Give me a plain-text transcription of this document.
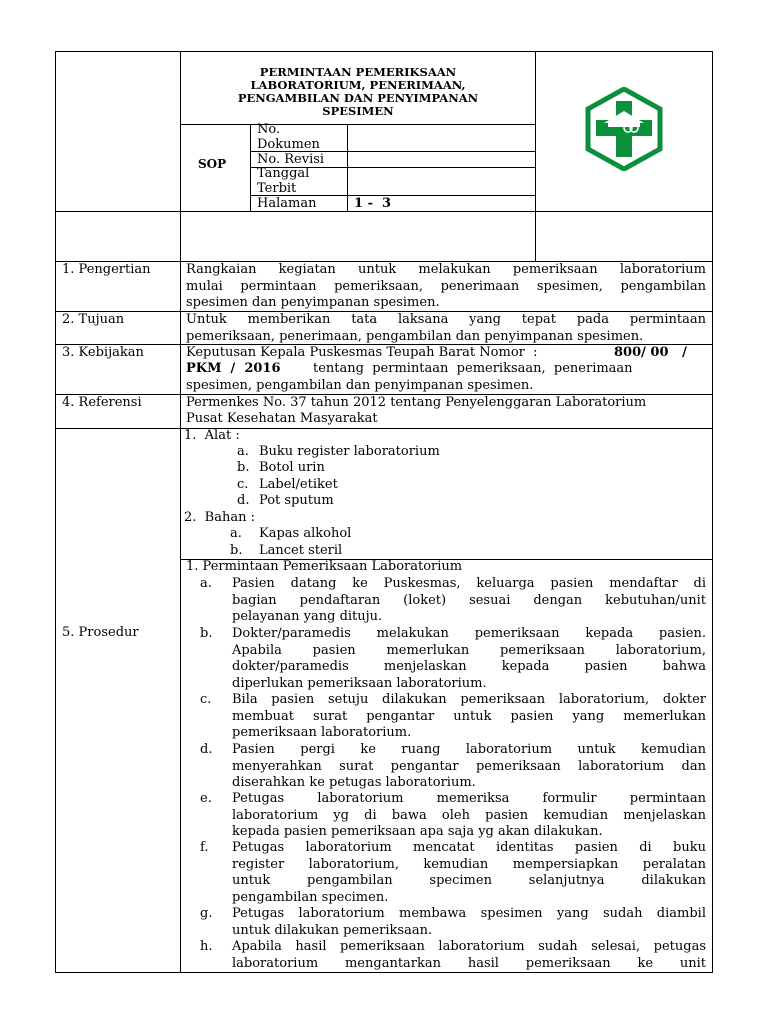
PERMINTAAN PEMERIKSAAN
LABORATORIUM, PENERIMAAN,
PENGAMBILAN DAN PENYIMPANAN
SPESIMEN
SOP
No.
Dokumen
No. Revisi
Tanggal
Terbit
Halaman	1 -  3
1. Pengertian	Rangkaian kegiatan untuk melakukan pemeriksaan laboratorium
mulai permintaan pemeriksaan, penerimaan spesimen, pengambilan
spesimen dan penyimpanan spesimen.
2. Tujuan	Untuk memberikan tata laksana yang tepat pada permintaan
pemeriksaan, penerimaan, pengambilan dan penyimpanan spesimen.
3. Kebijakan	Keputusan Kepala Puskesmas Teupah Barat Nomor  :	800/ 00   /
PKM  /  2016	tentang  permintaan  pemeriksaan,  penerimaan
spesimen, pengambilan dan penyimpanan spesimen.
4. Referensi	Permenkes No. 37 tahun 2012 tentang Penyelenggaran Laboratorium
Pusat Kesehatan Masyarakat
5. Prosedur
1.  Alat :
a. Buku register laboratorium
b. Botol urin
c. Label/etiket
d. Pot sputum
2.  Bahan :
a. Kapas alkohol
b. Lancet steril
1. Permintaan Pemeriksaan Laboratorium
a. Pasien datang ke Puskesmas, keluarga pasien mendaftar di
bagian pendaftaran (loket) sesuai dengan kebutuhan/unit
pelayanan yang dituju.
b. Dokter/paramedis melakukan pemeriksaan kepada pasien.
Apabila pasien memerlukan pemeriksaan laboratorium,
dokter/paramedis menjelaskan kepada pasien bahwa
diperlukan pemeriksaan laboratorium.
c. Bila pasien setuju dilakukan pemeriksaan laboratorium, dokter
membuat surat pengantar untuk pasien yang memerlukan
pemeriksaan laboratorium.
d. Pasien pergi ke ruang laboratorium untuk kemudian
menyerahkan surat pengantar pemeriksaan laboratorium dan
diserahkan ke petugas laboratorium.
e. Petugas laboratorium memeriksa formulir permintaan
laboratorium yg di bawa oleh pasien kemudian menjelaskan
kepada pasien pemeriksaan apa saja yg akan dilakukan.
f. Petugas laboratorium mencatat identitas pasien di buku
register laboratorium, kemudian mempersiapkan peralatan
untuk pengambilan specimen selanjutnya dilakukan
pengambilan specimen.
g. Petugas laboratorium membawa spesimen yang sudah diambil
untuk dilakukan pemeriksaan.
h. Apabila hasil pemeriksaan laboratorium sudah selesai, petugas
laboratorium mengantarkan hasil pemeriksaan ke unit
